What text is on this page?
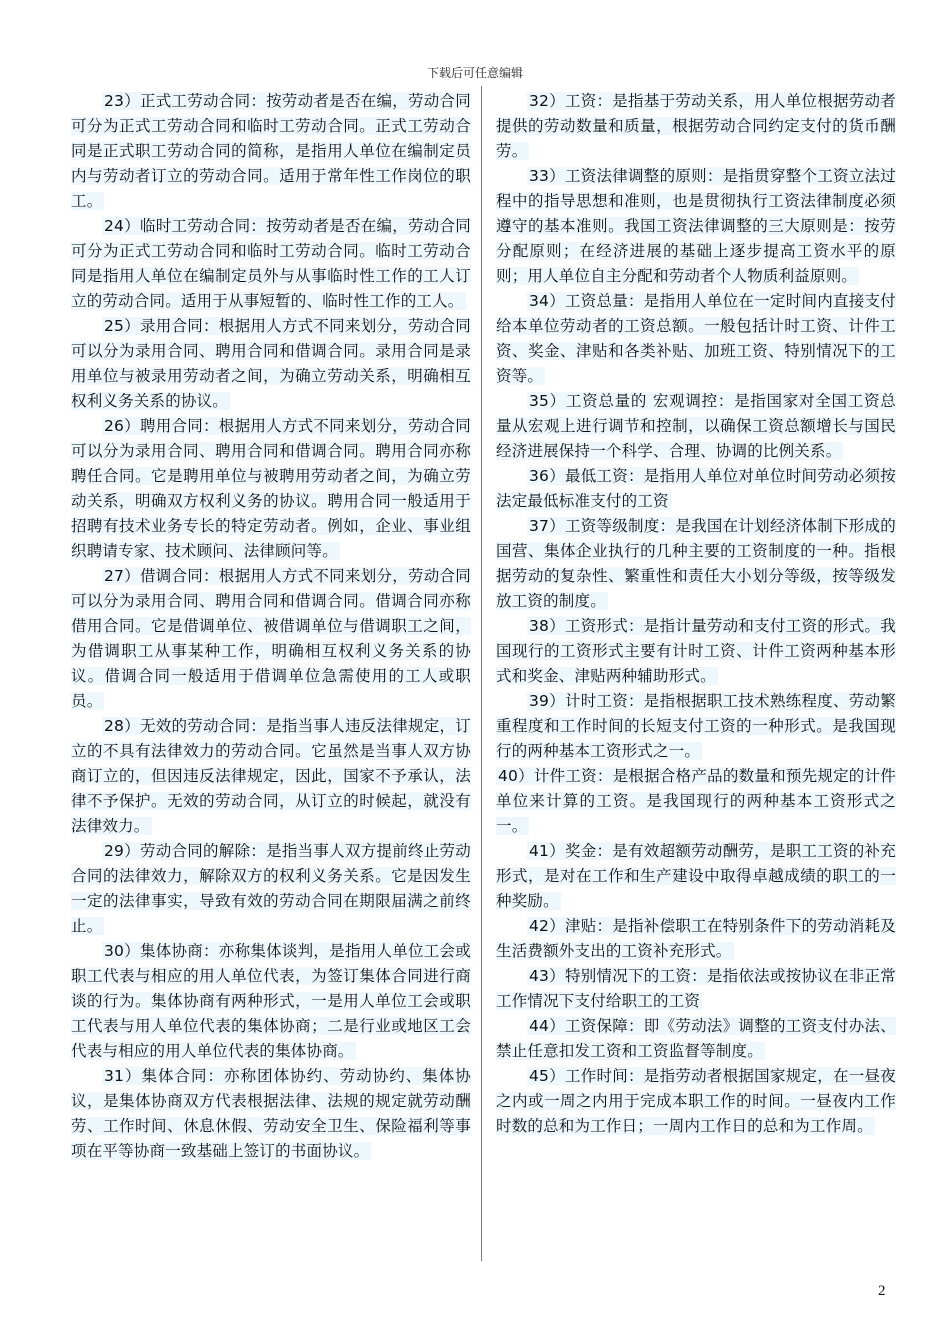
下载后可任意编辑

23）正式工劳动合同：按劳动者是否在编，劳动合同可分为正式工劳动合同和临时工劳动合同。正式工劳动合同是正式职工劳动合同的简称，是指用人单位在编制定员内与劳动者订立的劳动合同。适用于常年性工作岗位的职工。

24）临时工劳动合同：按劳动者是否在编，劳动合同可分为正式工劳动合同和临时工劳动合同。临时工劳动合同是指用人单位在编制定员外与从事临时性工作的工人订立的劳动合同。适用于从事短暂的、临时性工作的工人。

25）录用合同：根据用人方式不同来划分，劳动合同可以分为录用合同、聘用合同和借调合同。录用合同是录用单位与被录用劳动者之间，为确立劳动关系，明确相互权利义务关系的协议。

26）聘用合同：根据用人方式不同来划分，劳动合同可以分为录用合同、聘用合同和借调合同。聘用合同亦称聘任合同。它是聘用单位与被聘用劳动者之间，为确立劳动关系，明确双方权利义务的协议。聘用合同一般适用于招聘有技术业务专长的特定劳动者。例如，企业、事业组织聘请专家、技术顾问、法律顾问等。

27）借调合同：根据用人方式不同来划分，劳动合同可以分为录用合同、聘用合同和借调合同。借调合同亦称借用合同。它是借调单位、被借调单位与借调职工之间，为借调职工从事某种工作，明确相互权利义务关系的协议。借调合同一般适用于借调单位急需使用的工人或职员。

28）无效的劳动合同：是指当事人违反法律规定，订立的不具有法律效力的劳动合同。它虽然是当事人双方协商订立的，但因违反法律规定，因此，国家不予承认，法律不予保护。无效的劳动合同，从订立的时候起，就没有法律效力。

29）劳动合同的解除：是指当事人双方提前终止劳动合同的法律效力，解除双方的权利义务关系。它是因发生一定的法律事实，导致有效的劳动合同在期限届满之前终止。

30）集体协商：亦称集体谈判，是指用人单位工会或职工代表与相应的用人单位代表，为签订集体合同进行商谈的行为。集体协商有两种形式，一是用人单位工会或职工代表与用人单位代表的集体协商；二是行业或地区工会代表与相应的用人单位代表的集体协商。

31）集体合同：亦称团体协约、劳动协约、集体协议，是集体协商双方代表根据法律、法规的规定就劳动酬劳、工作时间、休息休假、劳动安全卫生、保险福利等事项在平等协商一致基础上签订的书面协议。

32）工资：是指基于劳动关系，用人单位根据劳动者提供的劳动数量和质量，根据劳动合同约定支付的货币酬劳。

33）工资法律调整的原则：是指贯穿整个工资立法过程中的指导思想和准则，也是贯彻执行工资法律制度必须遵守的基本准则。我国工资法律调整的三大原则是：按劳分配原则；在经济进展的基础上逐步提高工资水平的原则；用人单位自主分配和劳动者个人物质利益原则。

34）工资总量：是指用人单位在一定时间内直接支付给本单位劳动者的工资总额。一般包括计时工资、计件工资、奖金、津贴和各类补贴、加班工资、特别情况下的工资等。

35）工资总量的 宏观调控：是指国家对全国工资总量从宏观上进行调节和控制，以确保工资总额增长与国民经济进展保持一个科学、合理、协调的比例关系。

36）最低工资：是指用人单位对单位时间劳动必须按法定最低标准支付的工资

37）工资等级制度：是我国在计划经济体制下形成的国营、集体企业执行的几种主要的工资制度的一种。指根据劳动的复杂性、繁重性和责任大小划分等级，按等级发放工资的制度。

38）工资形式：是指计量劳动和支付工资的形式。我国现行的工资形式主要有计时工资、计件工资两种基本形式和奖金、津贴两种辅助形式。

39）计时工资：是指根据职工技术熟练程度、劳动繁重程度和工作时间的长短支付工资的一种形式。是我国现行的两种基本工资形式之一。

40）计件工资：是根据合格产品的数量和预先规定的计件单位来计算的工资。是我国现行的两种基本工资形式之一。

41）奖金：是有效超额劳动酬劳，是职工工资的补充形式，是对在工作和生产建设中取得卓越成绩的职工的一种奖励。

42）津贴：是指补偿职工在特别条件下的劳动消耗及生活费额外支出的工资补充形式。

43）特别情况下的工资：是指依法或按协议在非正常工作情况下支付给职工的工资

44）工资保障：即《劳动法》调整的工资支付办法、禁止任意扣发工资和工资监督等制度。

45）工作时间：是指劳动者根据国家规定，在一昼夜之内或一周之内用于完成本职工作的时间。一昼夜内工作时数的总和为工作日；一周内工作日的总和为工作周。

2
